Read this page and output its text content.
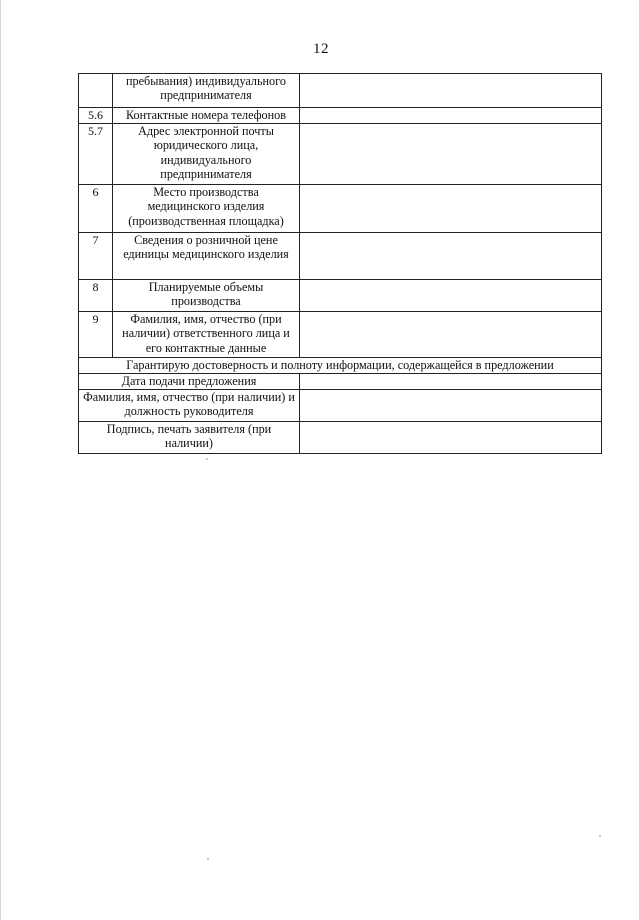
12
	пребывания) индивидуального предпринимателя	
5.6	Контактные номера телефонов	
5.7	Адрес электронной почты юридического лица, индивидуального предпринимателя	
6	Место производства медицинского изделия (производственная площадка)	
7	Сведения о розничной цене единицы медицинского изделия	
8	Планируемые объемы производства	
9	Фамилия, имя, отчество (при наличии) ответственного лица и его контактные данные	
Гарантирую достоверность и полноту информации, содержащейся в предложении		
Дата подачи предложения		
Фамилия, имя, отчество (при наличии) и должность руководителя		
Подпись, печать заявителя (при наличии)		
